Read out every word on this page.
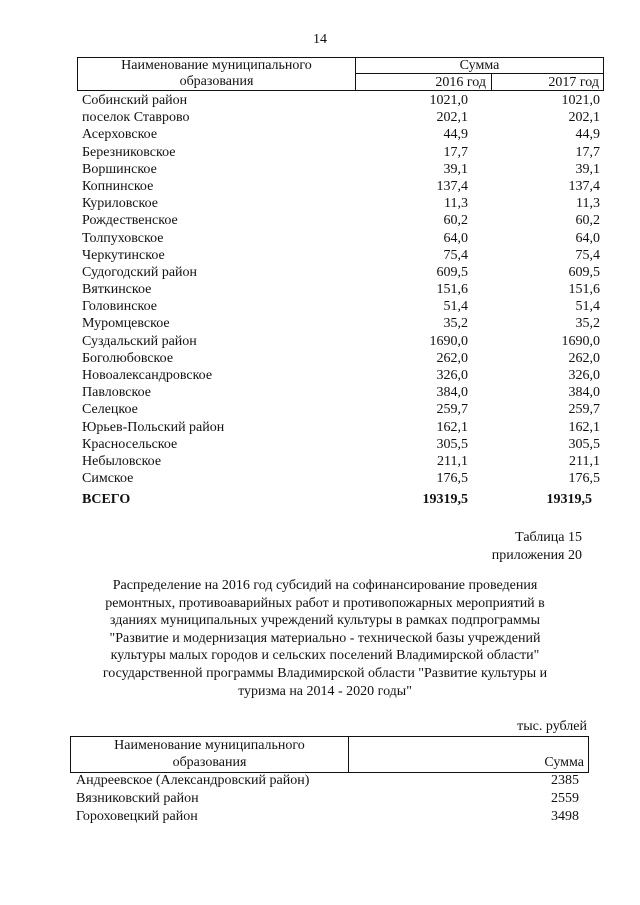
14
Наименование муниципального
образования
Сумма
2016 год	2017 год
Собинский район	1021,0	1021,0
поселок Ставрово	202,1	202,1
Асерховское	44,9	44,9
Березниковское	17,7	17,7
Воршинское	39,1	39,1
Копнинское	137,4	137,4
Куриловское	11,3	11,3
Рождественское	60,2	60,2
Толпуховское	64,0	64,0
Черкутинское	75,4	75,4
Судогодский район	609,5	609,5
Вяткинское	151,6	151,6
Головинское	51,4	51,4
Муромцевское	35,2	35,2
Суздальский район	1690,0	1690,0
Боголюбовское	262,0	262,0
Новоалександровское	326,0	326,0
Павловское	384,0	384,0
Селецкое	259,7	259,7
Юрьев-Польский район	162,1	162,1
Красносельское	305,5	305,5
Небыловское	211,1	211,1
Симское	176,5	176,5
ВСЕГО	19319,5	19319,5
Таблица 15
приложения 20
Распределение на 2016 год субсидий на софинансирование проведения
ремонтных, противоаварийных работ и противопожарных мероприятий в
зданиях муниципальных учреждений культуры в рамках подпрограммы
"Развитие и модернизация материально - технической базы учреждений
культуры малых городов и сельских поселений Владимирской области"
государственной программы Владимирской области "Развитие культуры и
туризма на 2014 - 2020 годы"
тыс. рублей
Наименование муниципального
образования	Сумма
Андреевское (Александровский район)	2385
Вязниковский район	2559
Гороховецкий район	3498
